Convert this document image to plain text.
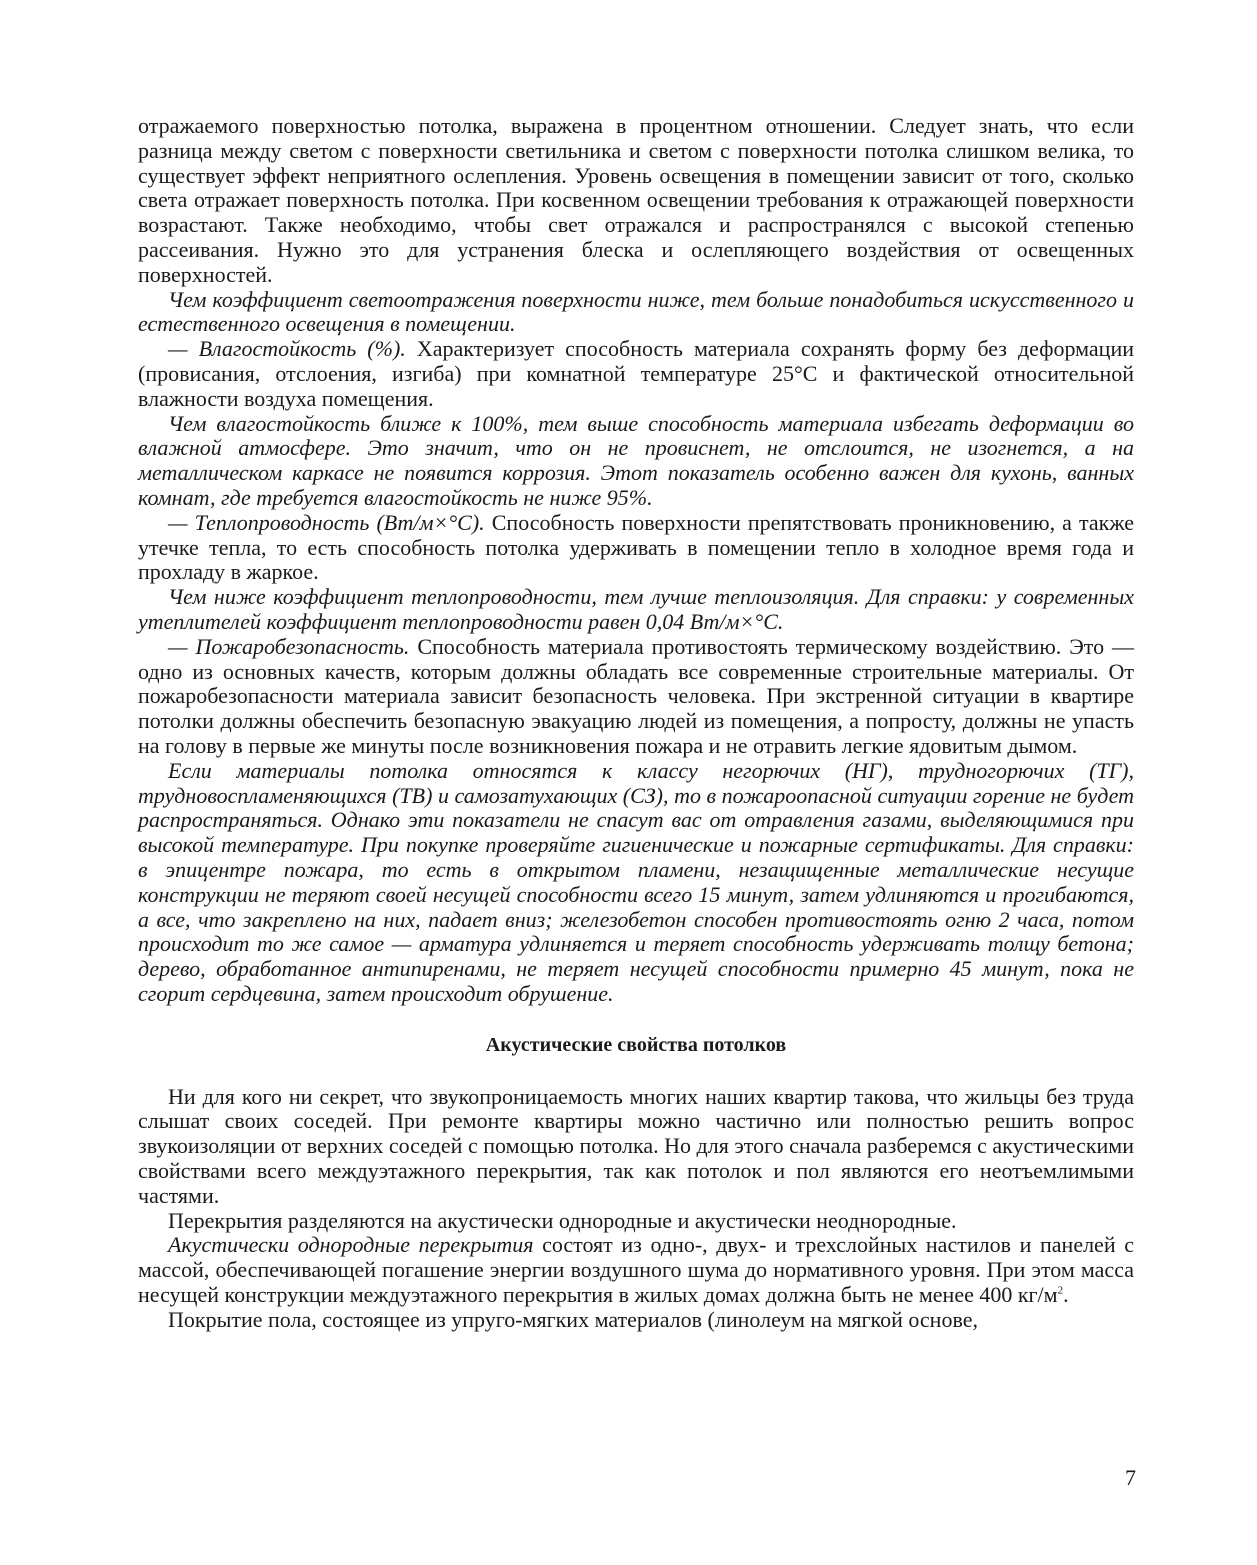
отражаемого поверхностью потолка, выражена в процентном отношении. Следует знать, что если разница между светом с поверхности светильника и светом с поверхности потолка слишком велика, то существует эффект неприятного ослепления. Уровень освещения в помещении зависит от того, сколько света отражает поверхность потолка. При косвенном освещении требования к отражающей поверхности возрастают. Также необходимо, чтобы свет отражался и распространялся с высокой степенью рассеивания. Нужно это для устранения блеска и ослепляющего воздействия от освещенных поверхностей.

Чем коэффициент светоотражения поверхности ниже, тем больше понадобиться искусственного и естественного освещения в помещении.

— Влагостойкость (%). Характеризует способность материала сохранять форму без деформации (провисания, отслоения, изгиба) при комнатной температуре 25°С и фактической относительной влажности воздуха помещения.

Чем влагостойкость ближе к 100%, тем выше способность материала избегать деформации во влажной атмосфере. Это значит, что он не провиснет, не отслоится, не изогнется, а на металлическом каркасе не появится коррозия. Этот показатель особенно важен для кухонь, ванных комнат, где требуется влагостойкость не ниже 95%.

— Теплопроводность (Вт/м×°С). Способность поверхности препятствовать проникновению, а также утечке тепла, то есть способность потолка удерживать в помещении тепло в холодное время года и прохладу в жаркое.

Чем ниже коэффициент теплопроводности, тем лучше теплоизоляция. Для справки: у современных утеплителей коэффициент теплопроводности равен 0,04 Вт/м×°С.

— Пожаробезопасность. Способность материала противостоять термическому воздействию. Это — одно из основных качеств, которым должны обладать все современные строительные материалы. От пожаробезопасности материала зависит безопасность человека. При экстренной ситуации в квартире потолки должны обеспечить безопасную эвакуацию людей из помещения, а попросту, должны не упасть на голову в первые же минуты после возникновения пожара и не отравить легкие ядовитым дымом.

Если материалы потолка относятся к классу негорючих (НГ), трудногорючих (ТГ), трудновоспламеняющихся (ТВ) и самозатухающих (СЗ), то в пожароопасной ситуации горение не будет распространяться. Однако эти показатели не спасут вас от отравления газами, выделяющимися при высокой температуре. При покупке проверяйте гигиенические и пожарные сертификаты. Для справки: в эпицентре пожара, то есть в открытом пламени, незащищенные металлические несущие конструкции не теряют своей несущей способности всего 15 минут, затем удлиняются и прогибаются, а все, что закреплено на них, падает вниз; железобетон способен противостоять огню 2 часа, потом происходит то же самое — арматура удлиняется и теряет способность удерживать толщу бетона; дерево, обработанное антипиренами, не теряет несущей способности примерно 45 минут, пока не сгорит сердцевина, затем происходит обрушение.

Акустические свойства потолков

Ни для кого ни секрет, что звукопроницаемость многих наших квартир такова, что жильцы без труда слышат своих соседей. При ремонте квартиры можно частично или полностью решить вопрос звукоизоляции от верхних соседей с помощью потолка. Но для этого сначала разберемся с акустическими свойствами всего междуэтажного перекрытия, так как потолок и пол являются его неотъемлимыми частями.

Перекрытия разделяются на акустически однородные и акустически неоднородные.

Акустически однородные перекрытия состоят из одно-, двух- и трехслойных настилов и панелей с массой, обеспечивающей погашение энергии воздушного шума до нормативного уровня. При этом масса несущей конструкции междуэтажного перекрытия в жилых домах должна быть не менее 400 $кг/м^2$.

Покрытие пола, состоящее из упруго-мягких материалов (линолеум на мягкой основе,

7
